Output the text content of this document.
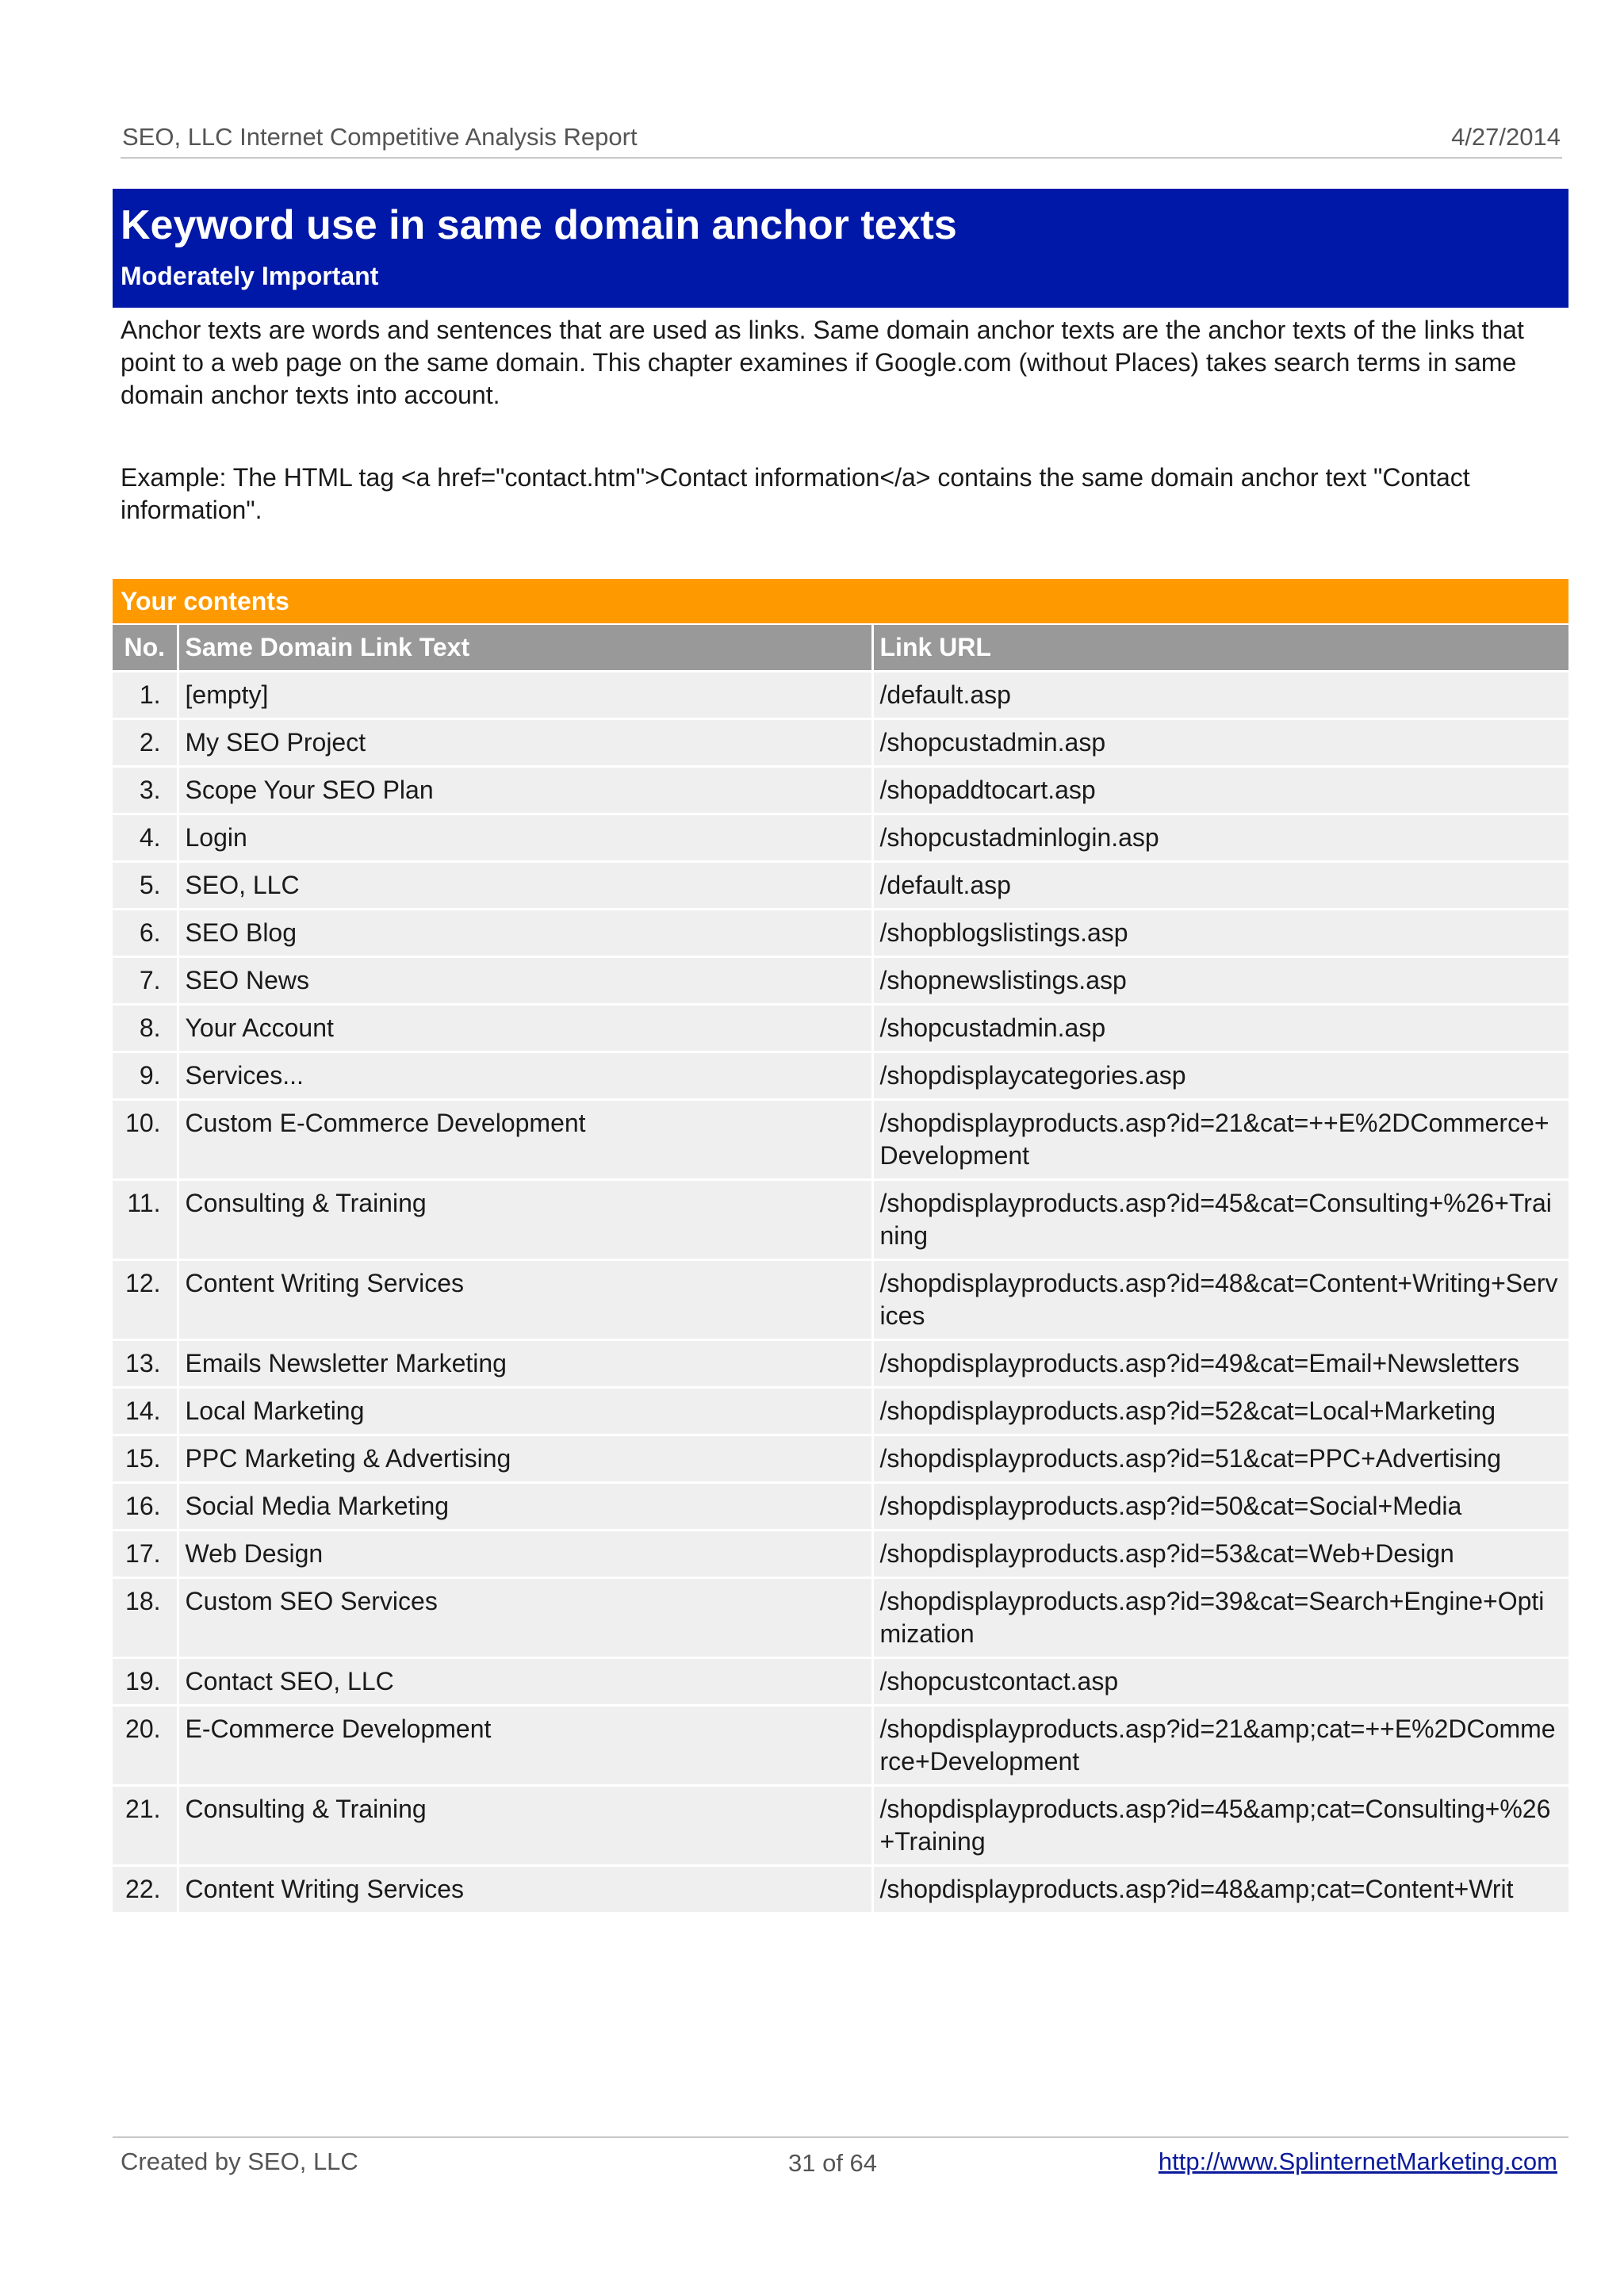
SEO, LLC Internet Competitive Analysis Report	4/27/2014
Keyword use in same domain anchor texts
Moderately Important

Anchor texts are words and sentences that are used as links. Same domain anchor texts are the anchor texts of the links that point to a web page on the same domain. This chapter examines if Google.com (without Places) takes search terms in same domain anchor texts into account.

Example: The HTML tag <a href="contact.htm">Contact information</a> contains the same domain anchor text "Contact information".

Your contents
No.	Same Domain Link Text	Link URL
1.	[empty]	/default.asp
2.	My SEO Project	/shopcustadmin.asp
3.	Scope Your SEO Plan	/shopaddtocart.asp
4.	Login	/shopcustadminlogin.asp
5.	SEO, LLC	/default.asp
6.	SEO Blog	/shopblogslistings.asp
7.	SEO News	/shopnewslistings.asp
8.	Your Account	/shopcustadmin.asp
9.	Services...	/shopdisplaycategories.asp
10.	Custom E-Commerce Development	/shopdisplayproducts.asp?id=21&cat=++E%2DCommerce+Development
11.	Consulting & Training	/shopdisplayproducts.asp?id=45&cat=Consulting+%26+Training
12.	Content Writing Services	/shopdisplayproducts.asp?id=48&cat=Content+Writing+Services
13.	Emails Newsletter Marketing	/shopdisplayproducts.asp?id=49&cat=Email+Newsletters
14.	Local Marketing	/shopdisplayproducts.asp?id=52&cat=Local+Marketing
15.	PPC Marketing & Advertising	/shopdisplayproducts.asp?id=51&cat=PPC+Advertising
16.	Social Media Marketing	/shopdisplayproducts.asp?id=50&cat=Social+Media
17.	Web Design	/shopdisplayproducts.asp?id=53&cat=Web+Design
18.	Custom SEO Services	/shopdisplayproducts.asp?id=39&cat=Search+Engine+Optimization
19.	Contact SEO, LLC	/shopcustcontact.asp
20.	E-Commerce Development	/shopdisplayproducts.asp?id=21&amp;cat=++E%2DCommerce+Development
21.	Consulting & Training	/shopdisplayproducts.asp?id=45&amp;cat=Consulting+%26+Training
22.	Content Writing Services	/shopdisplayproducts.asp?id=48&amp;cat=Content+Writ
Created by SEO, LLC	31 of 64	http://www.SplinternetMarketing.com
